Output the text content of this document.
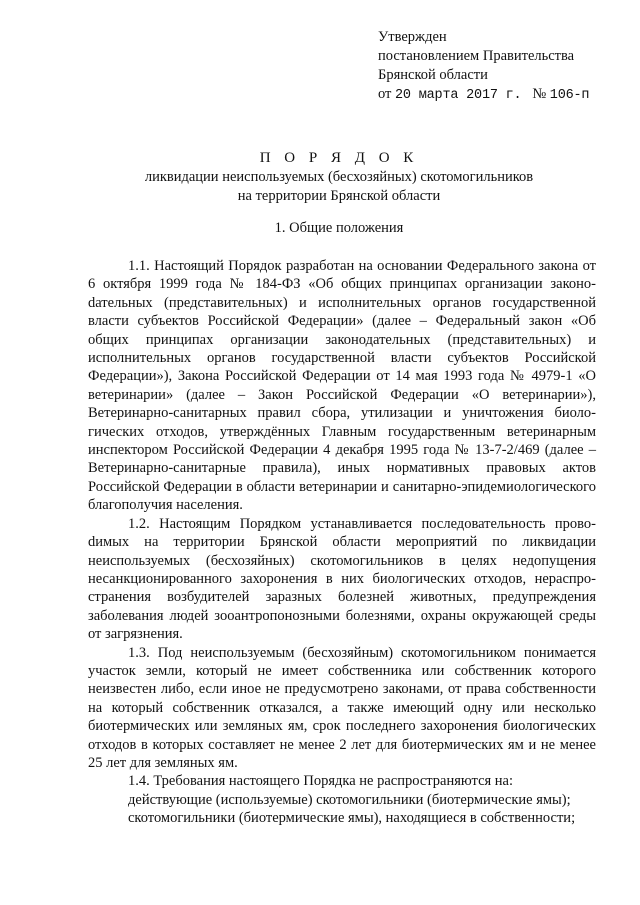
Утвержден
постановлением Правительства
Брянской области
от 20 марта 2017 г. № 106-п
П О Р Я Д О К
ликвидации неиспользуемых (бесхозяйных) скотомогильников
на территории Брянской области
1. Общие положения

1.1. Настоящий Порядок разработан на основании Федерального закона от 6 октября 1999 года № 184-ФЗ «Об общих принципах организации законоdательных (представительных) и исполнительных органов государственной власти субъектов Российской Федерации» (далее – Федеральный закон «Об общих принципах организации законодательных (представительных) и исполнительных органов государственной власти субъектов Российской Федерации»), Закона Российской Федерации от 14 мая 1993 года № 4979-1 «О ветеринарии» (далее – Закон Российской Федерации «О ветеринарии»), Ветеринарно-санитарных правил сбора, утилизации и уничтожения биологических отходов, утверждённых Главным государственным ветеринарным инспектором Российской Федерации 4 декабря 1995 года № 13-7-2/469 (далее – Ветеринарно-санитарные правила), иных нормативных правовых актов Российской Федерации в области ветеринарии и санитарно-эпидемиологического благополучия населения.

1.2. Настоящим Порядком устанавливается последовательность провоdимых на территории Брянской области мероприятий по ликвидации неиспользуемых (бесхозяйных) скотомогильников в целях недопущения несанкционированного захоронения в них биологических отходов, нераспространения возбудителей заразных болезней животных, предупреждения заболевания людей зооантропонозными болезнями, охраны окружающей среды от загрязнения.

1.3. Под неиспользуемым (бесхозяйным) скотомогильником понимается участок земли, который не имеет собственника или собственник которого неизвестен либо, если иное не предусмотрено законами, от права собственности на который собственник отказался, а также имеющий одну или несколько биотермических или земляных ям, срок последнего захоронения биологических отходов в которых составляет не менее 2 лет для биотермических ям и не менее 25 лет для земляных ям.

1.4. Требования настоящего Порядка не распространяются на:

действующие (используемые) скотомогильники (биотермические ямы);

скотомогильники (биотермические ямы), находящиеся в собственности;
